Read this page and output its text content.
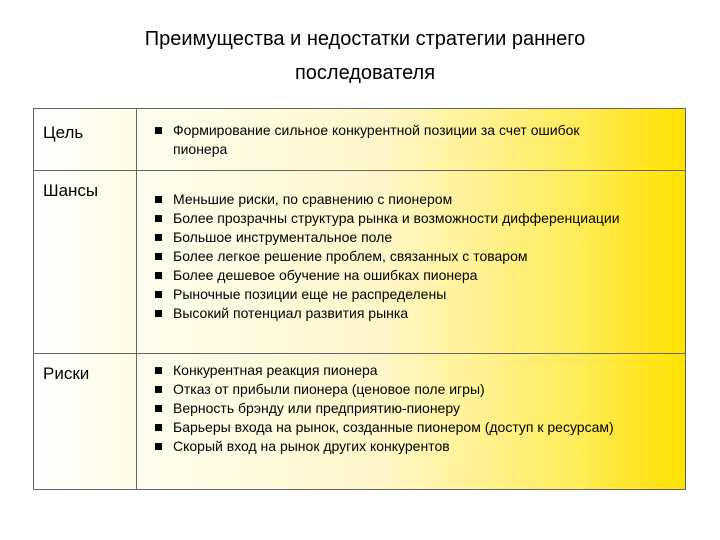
Преимущества и недостатки стратегии раннего
последователя
Цель	Формирование сильное конкурентной позиции за счет ошибок пионера
Шансы	Меньшие риски, по сравнению с пионером
Более прозрачны структура рынка и возможности дифференциации
Большое инструментальное поле
Более легкое решение проблем, связанных с товаром
Более дешевое обучение на ошибках пионера
Рыночные позиции еще не распределены
Высокий потенциал развития рынка
Риски	Конкурентная реакция пионера
Отказ от прибыли пионера (ценовое поле игры)
Верность брэнду или предприятию-пионеру
Барьеры входа на рынок, созданные пионером (доступ к ресурсам)
Скорый вход на рынок других конкурентов
